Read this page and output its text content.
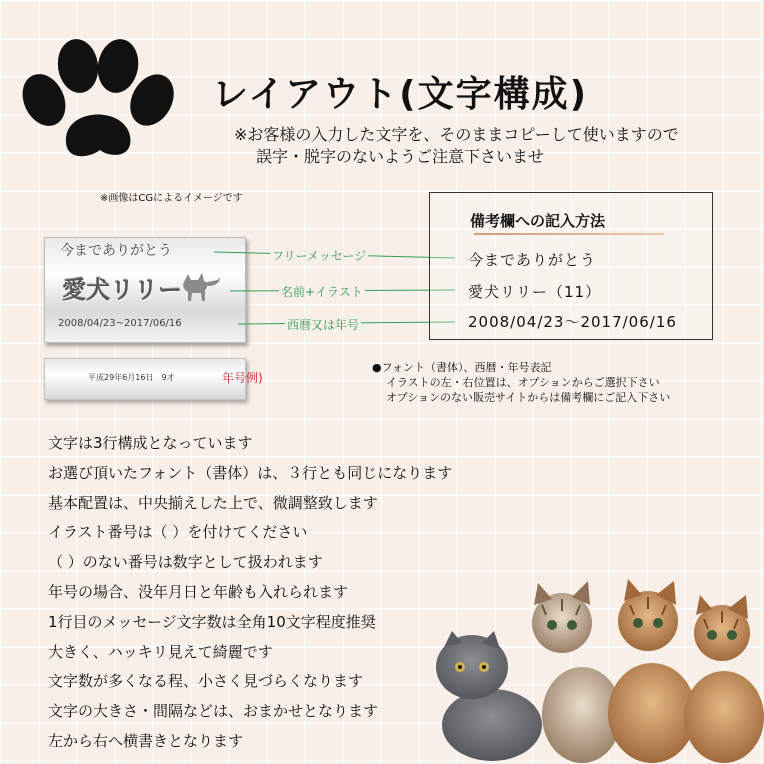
レイアウト(文字構成)
※お客様の入力した文字を、そのままコピーして使いますので
誤字・脱字のないようご注意下さいませ
※画像はCGによるイメージです
今までありがとう
愛犬リリー
2008/04/23~2017/06/16
平成29年6月16日　9才	年号例)
フリーメッセージ
名前+イラスト
西暦又は年号
備考欄への記入方法
今までありがとう
愛犬リリー（11）
2008/04/23～2017/06/16
●フォント（書体）、西暦・年号表記
イラストの左・右位置は、オプションからご選択下さい
オプションのない販売サイトからは備考欄にご記入下さい
文字は3行構成となっています
お選び頂いたフォント（書体）は、３行とも同じになります
基本配置は、中央揃えした上で、微調整致します
イラスト番号は（ ）を付けてください
（ ）のない番号は数字として扱われます
年号の場合、没年月日と年齢も入れられます
1行目のメッセージ文字数は全角10文字程度推奨
大きく、ハッキリ見えて綺麗です
文字数が多くなる程、小さく見づらくなります
文字の大きさ・間隔などは、おまかせとなります
左から右へ横書きとなります
